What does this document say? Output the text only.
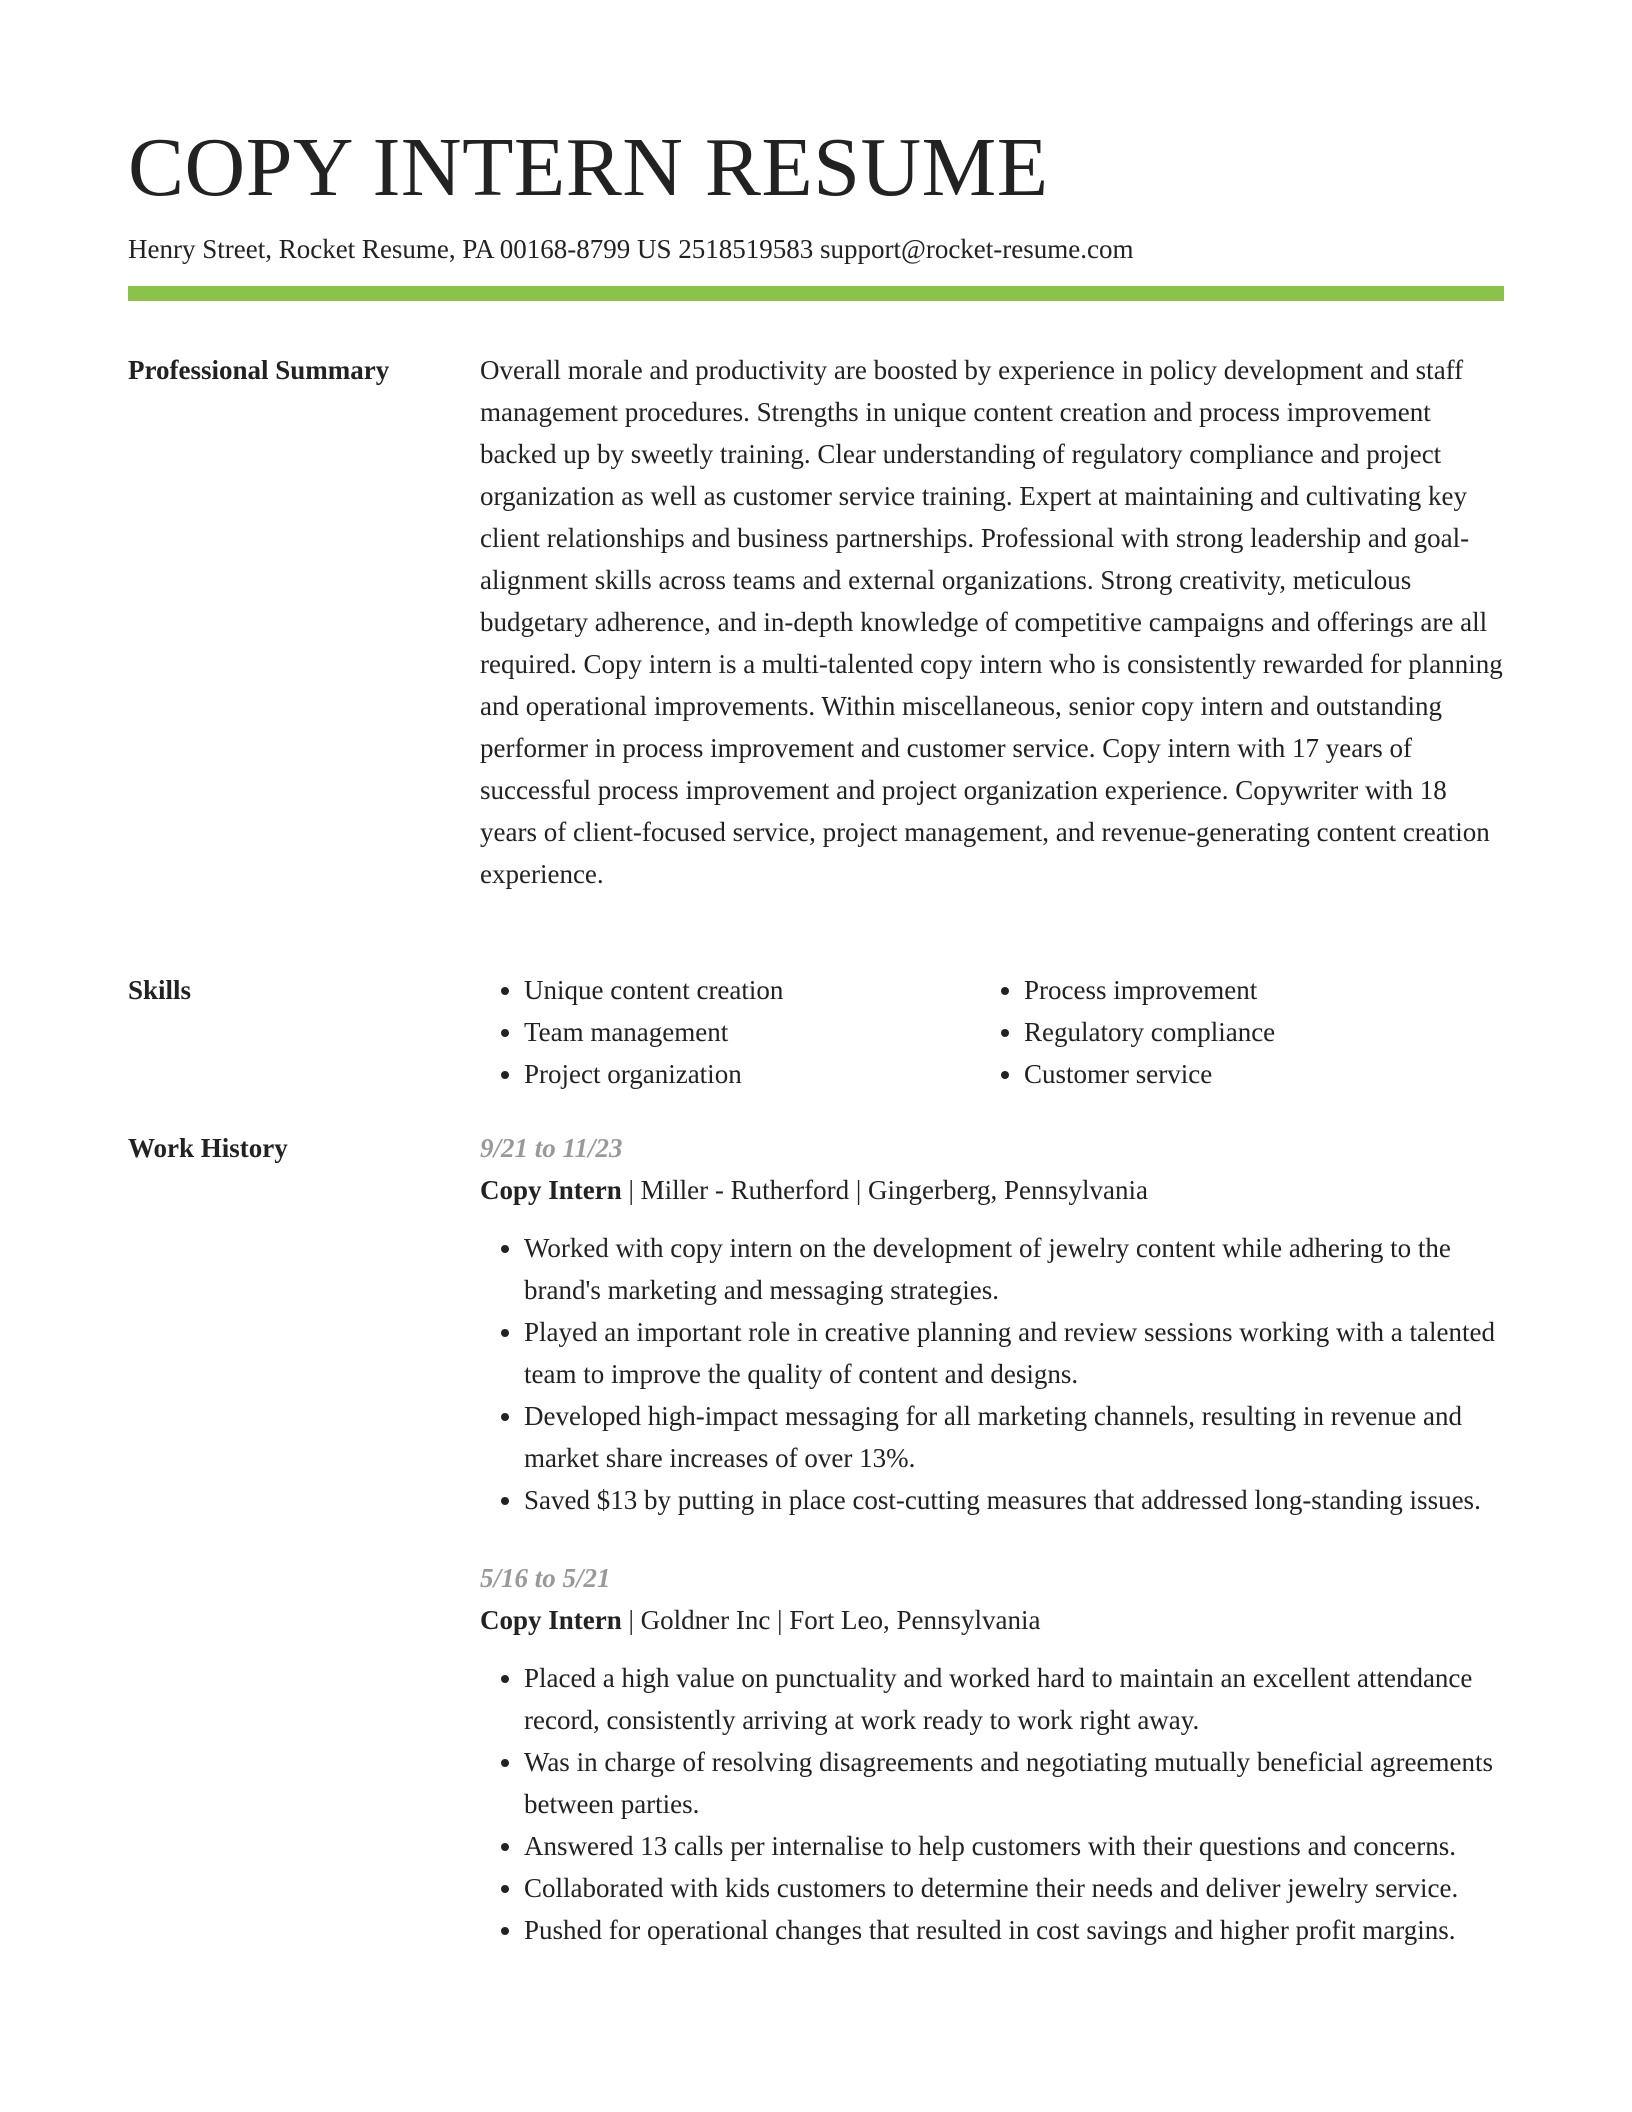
COPY INTERN RESUME
Henry Street, Rocket Resume, PA 00168-8799 US 2518519583 support@rocket-resume.com
Professional Summary	Overall morale and productivity are boosted by experience in policy development and staff management procedures. Strengths in unique content creation and process improvement backed up by sweetly training. Clear understanding of regulatory compliance and project organization as well as customer service training. Expert at maintaining and cultivating key client relationships and business partnerships. Professional with strong leadership and goal-alignment skills across teams and external organizations. Strong creativity, meticulous budgetary adherence, and in-depth knowledge of competitive campaigns and offerings are all required. Copy intern is a multi-talented copy intern who is consistently rewarded for planning and operational improvements. Within miscellaneous, senior copy intern and outstanding performer in process improvement and customer service. Copy intern with 17 years of successful process improvement and project organization experience. Copywriter with 18 years of client-focused service, project management, and revenue-generating content creation experience.

Skills
•	Unique content creation
• Team management
• Project organization
• Process improvement
• Regulatory compliance
• Customer service
Work History	9/21 to 11/23
Copy Intern | Miller - Rutherford | Gingerberg, Pennsylvania
• Worked with copy intern on the development of jewelry content while adhering to the brand's marketing and messaging strategies.
• Played an important role in creative planning and review sessions working with a talented team to improve the quality of content and designs.
• Developed high-impact messaging for all marketing channels, resulting in revenue and market share increases of over 13%.
• Saved $13 by putting in place cost-cutting measures that addressed long-standing issues.
5/16 to 5/21
Copy Intern | Goldner Inc | Fort Leo, Pennsylvania
• Placed a high value on punctuality and worked hard to maintain an excellent attendance record, consistently arriving at work ready to work right away.
• Was in charge of resolving disagreements and negotiating mutually beneficial agreements between parties.
• Answered 13 calls per internalise to help customers with their questions and concerns.
• Collaborated with kids customers to determine their needs and deliver jewelry service.
• Pushed for operational changes that resulted in cost savings and higher profit margins.
